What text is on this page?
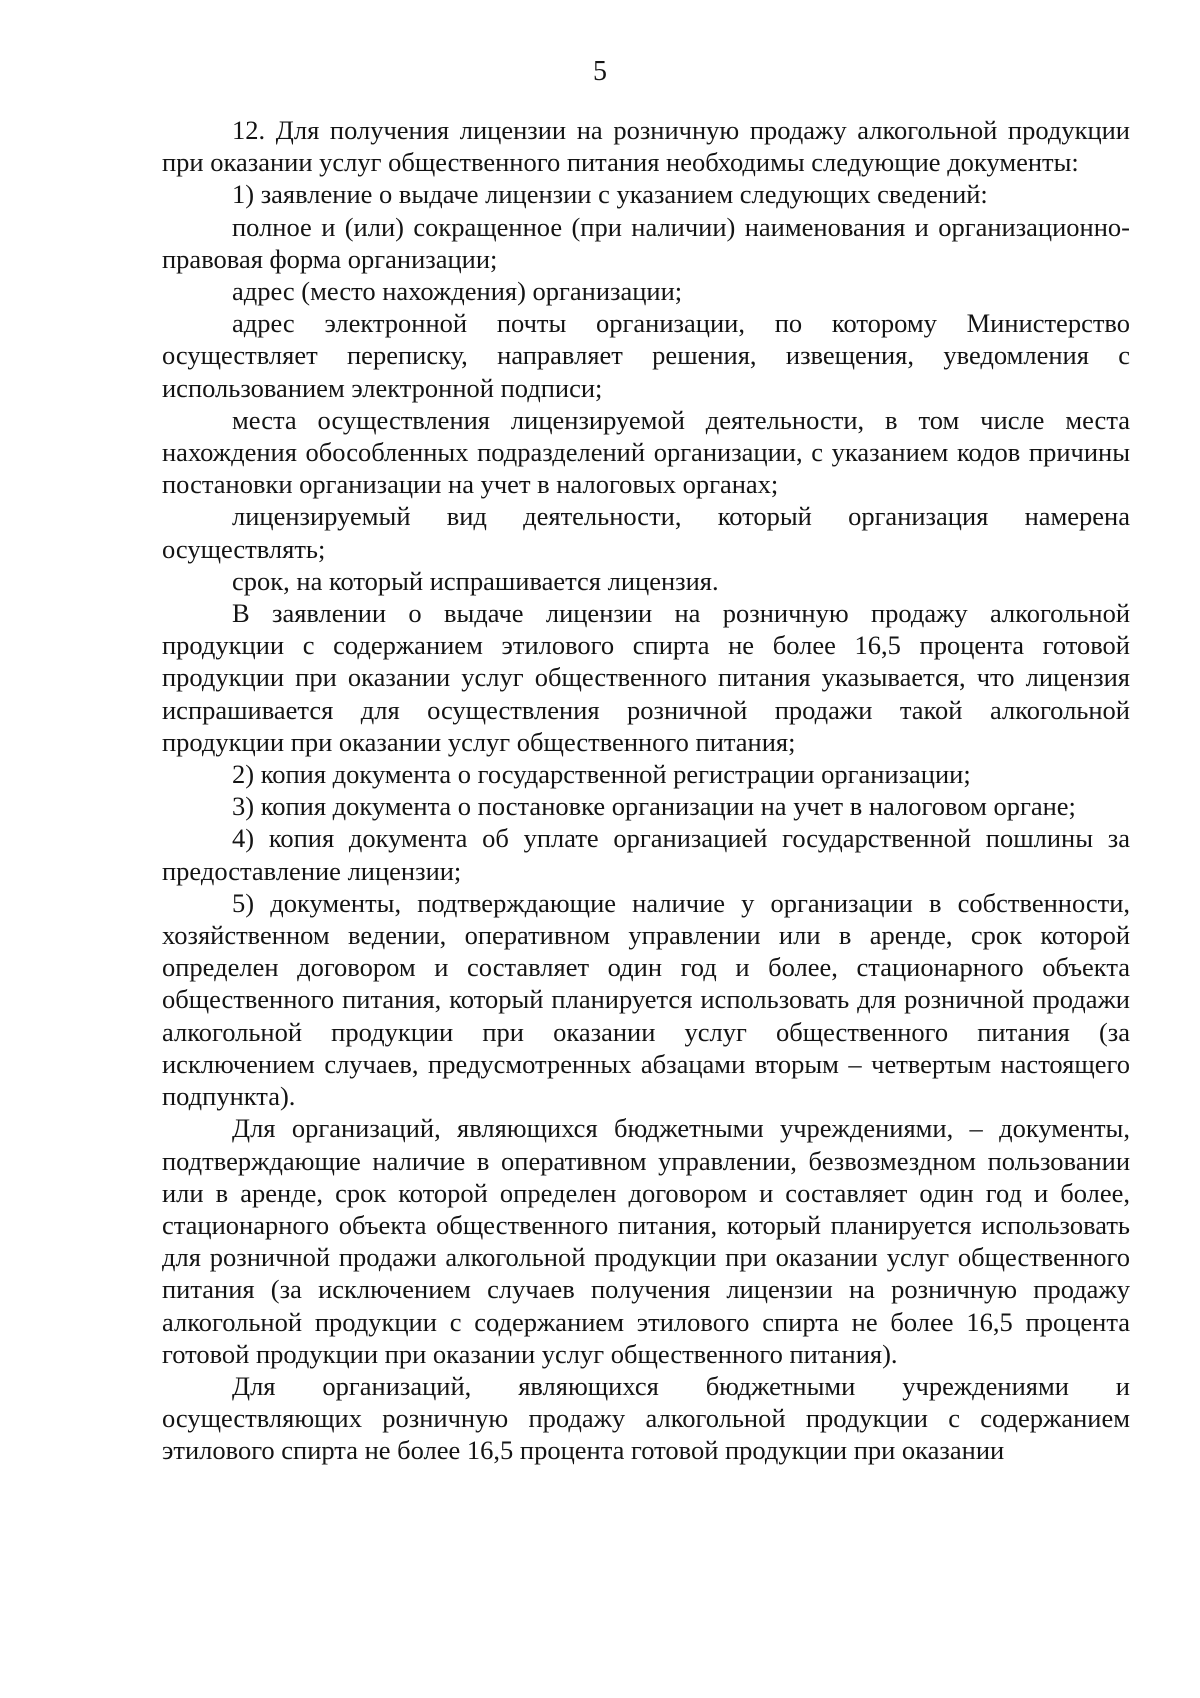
5

12. Для получения лицензии на розничную продажу алкогольной продукции при оказании услуг общественного питания необходимы следующие документы:

1) заявление о выдаче лицензии с указанием следующих сведений:

полное и (или) сокращенное (при наличии) наименования и организационно-правовая форма организации;

адрес (место нахождения) организации;

адрес электронной почты организации, по которому Министерство осуществляет переписку, направляет решения, извещения, уведомления с использованием электронной подписи;

места осуществления лицензируемой деятельности, в том числе места нахождения обособленных подразделений организации, с указанием кодов причины постановки организации на учет в налоговых органах;

лицензируемый вид деятельности, который организация намерена осуществлять;

срок, на который испрашивается лицензия.

В заявлении о выдаче лицензии на розничную продажу алкогольной продукции с содержанием этилового спирта не более 16,5 процента готовой продукции при оказании услуг общественного питания указывается, что лицензия испрашивается для осуществления розничной продажи такой алкогольной продукции при оказании услуг общественного питания;

2) копия документа о государственной регистрации организации;

3) копия документа о постановке организации на учет в налоговом органе;

4) копия документа об уплате организацией государственной пошлины за предоставление лицензии;

5) документы, подтверждающие наличие у организации в собственности, хозяйственном ведении, оперативном управлении или в аренде, срок которой определен договором и составляет один год и более, стационарного объекта общественного питания, который планируется использовать для розничной продажи алкогольной продукции при оказании услуг общественного питания (за исключением случаев, предусмотренных абзацами вторым – четвертым настоящего подпункта).

Для организаций, являющихся бюджетными учреждениями, – документы, подтверждающие наличие в оперативном управлении, безвозмездном пользовании или в аренде, срок которой определен договором и составляет один год и более, стационарного объекта общественного питания, который планируется использовать для розничной продажи алкогольной продукции при оказании услуг общественного питания (за исключением случаев получения лицензии на розничную продажу алкогольной продукции с содержанием этилового спирта не более 16,5 процента готовой продукции при оказании услуг общественного питания).

Для организаций, являющихся бюджетными учреждениями и осуществляющих розничную продажу алкогольной продукции с содержанием этилового спирта не более 16,5 процента готовой продукции при оказании
